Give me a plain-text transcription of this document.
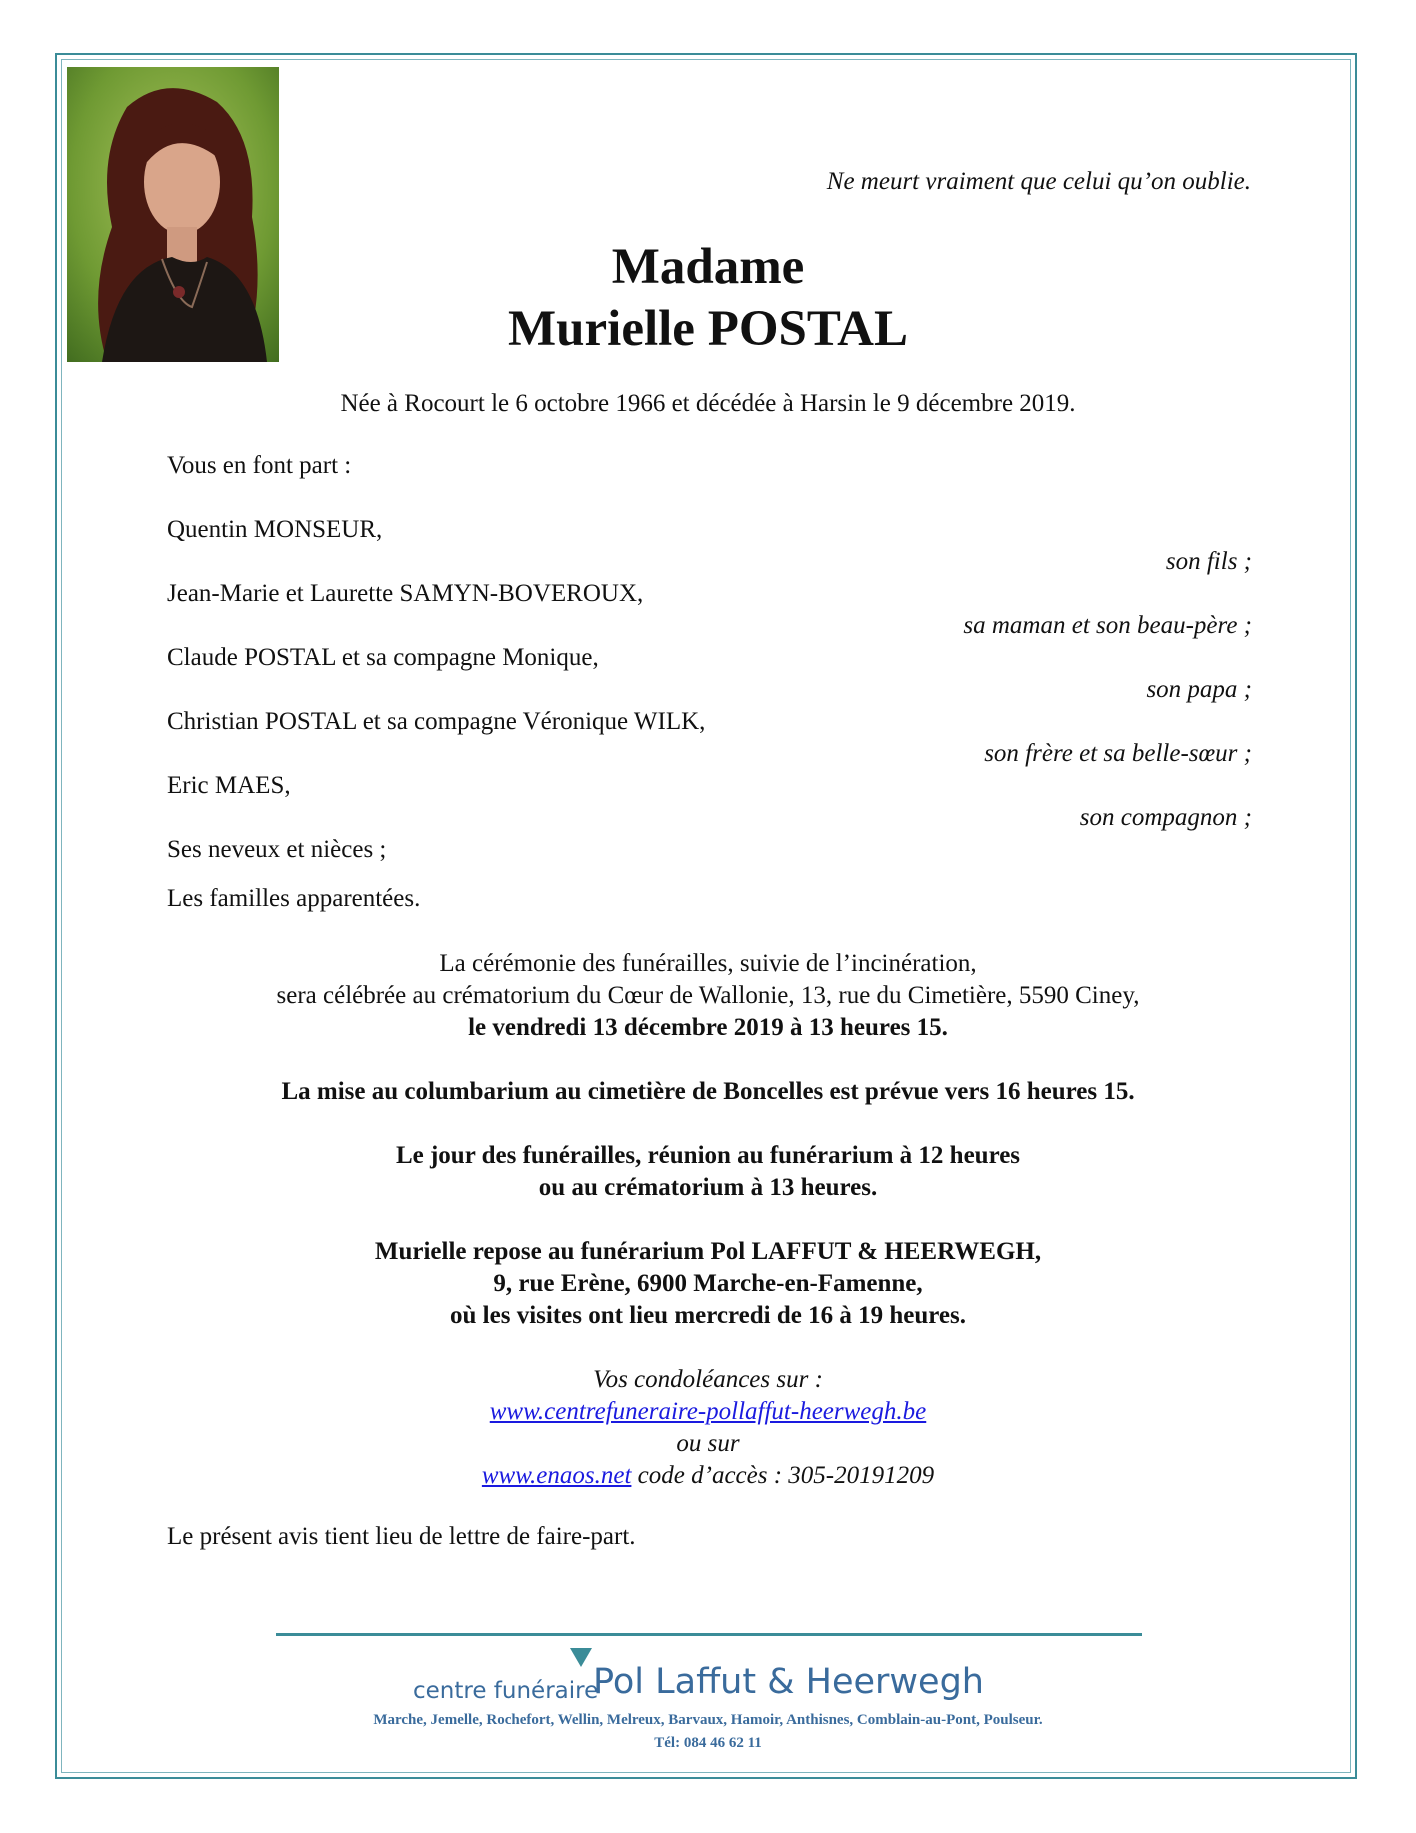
Ne meurt vraiment que celui qu’on oublie.
Madame
Murielle POSTAL
Née à Rocourt le 6 octobre 1966 et décédée à Harsin le 9 décembre 2019.
Vous en font part :
Quentin MONSEUR,
son fils ;
Jean-Marie et Laurette SAMYN-BOVEROUX,
sa maman et son beau-père ;
Claude POSTAL et sa compagne Monique,
son papa ;
Christian POSTAL et sa compagne Véronique WILK,
son frère et sa belle-sœur ;
Eric MAES,
son compagnon ;
Ses neveux et nièces ;
Les familles apparentées.
La cérémonie des funérailles, suivie de l’incinération,
sera célébrée au crématorium du Cœur de Wallonie, 13, rue du Cimetière, 5590 Ciney,
le vendredi 13 décembre 2019 à 13 heures 15.
La mise au columbarium au cimetière de Boncelles est prévue vers 16 heures 15.
Le jour des funérailles, réunion au funérarium à 12 heures
ou au crématorium à 13 heures.
Murielle repose au funérarium Pol LAFFUT & HEERWEGH,
9, rue Erène, 6900 Marche-en-Famenne,
où les visites ont lieu mercredi de 16 à 19 heures.
Vos condoléances sur :
www.centrefuneraire-pollaffut-heerwegh.be
ou sur
www.enaos.net code d’accès : 305-20191209
Le présent avis tient lieu de lettre de faire-part.
centre funéraire
Pol Laffut & Heerwegh
Marche, Jemelle, Rochefort, Wellin, Melreux, Barvaux, Hamoir, Anthisnes, Comblain-au-Pont, Poulseur.
Tél: 084 46 62 11
